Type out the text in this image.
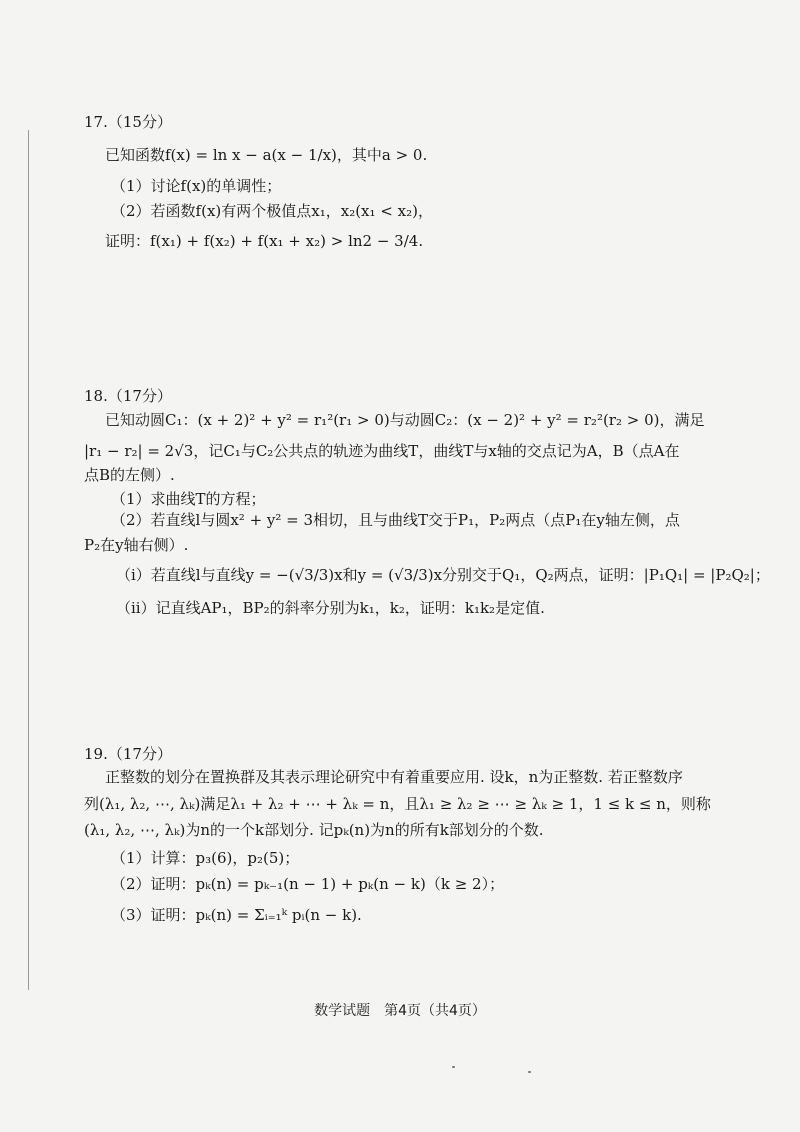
17.（15分）
已知函数f(x) = ln x − a(x − 1/x)，其中a > 0.
（1）讨论f(x)的单调性；
（2）若函数f(x)有两个极值点x₁，x₂(x₁ < x₂)，
证明：f(x₁) + f(x₂) + f(x₁ + x₂) > ln2 − 3/4.
18.（17分）
已知动圆C₁：(x + 2)² + y² = r₁²(r₁ > 0)与动圆C₂：(x − 2)² + y² = r₂²(r₂ > 0)，满足
|r₁ − r₂| = 2√3，记C₁与C₂公共点的轨迹为曲线T，曲线T与x轴的交点记为A，B（点A在
点B的左侧）.
（1）求曲线T的方程；
（2）若直线l与圆x² + y² = 3相切，且与曲线T交于P₁，P₂两点（点P₁在y轴左侧，点
P₂在y轴右侧）.
（i）若直线l与直线y = −(√3/3)x和y = (√3/3)x分别交于Q₁，Q₂两点，证明：|P₁Q₁| = |P₂Q₂|；
（ii）记直线AP₁，BP₂的斜率分别为k₁，k₂，证明：k₁k₂是定值.
19.（17分）
正整数的划分在置换群及其表示理论研究中有着重要应用. 设k，n为正整数. 若正整数序
列(λ₁, λ₂, ⋯, λₖ)满足λ₁ + λ₂ + ⋯ + λₖ = n，且λ₁ ≥ λ₂ ≥ ⋯ ≥ λₖ ≥ 1，1 ≤ k ≤ n，则称
(λ₁, λ₂, ⋯, λₖ)为n的一个k部划分. 记pₖ(n)为n的所有k部划分的个数.
（1）计算：p₃(6)，p₂(5)；
（2）证明：pₖ(n) = pₖ₋₁(n − 1) + pₖ(n − k)（k ≥ 2）；
（3）证明：pₖ(n) = Σᵢ₌₁ᵏ pᵢ(n − k).
数学试题　第4页（共4页）
